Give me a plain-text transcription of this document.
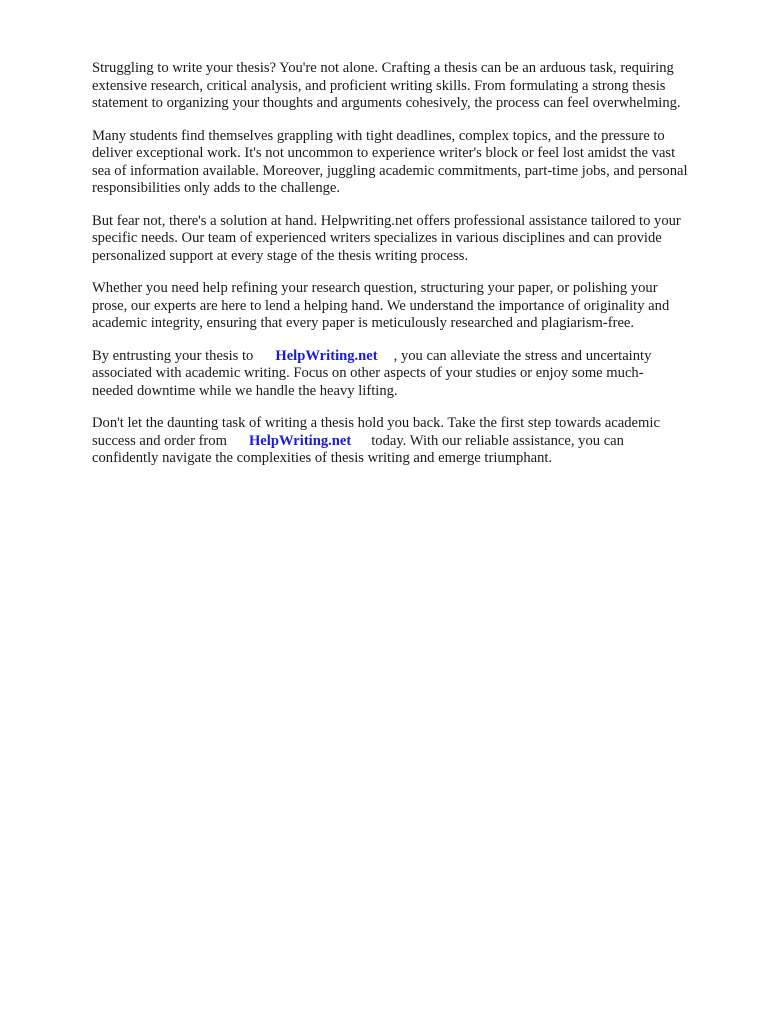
Struggling to write your thesis? You're not alone. Crafting a thesis can be an arduous task, requiring
extensive research, critical analysis, and proficient writing skills. From formulating a strong thesis
statement to organizing your thoughts and arguments cohesively, the process can feel overwhelming.

Many students find themselves grappling with tight deadlines, complex topics, and the pressure to
deliver exceptional work. It's not uncommon to experience writer's block or feel lost amidst the vast
sea of information available. Moreover, juggling academic commitments, part-time jobs, and personal
responsibilities only adds to the challenge.

But fear not, there's a solution at hand. Helpwriting.net offers professional assistance tailored to your
specific needs. Our team of experienced writers specializes in various disciplines and can provide
personalized support at every stage of the thesis writing process.

Whether you need help refining your research question, structuring your paper, or polishing your
prose, our experts are here to lend a helping hand. We understand the importance of originality and
academic integrity, ensuring that every paper is meticulously researched and plagiarism-free.

By entrusting your thesis to HelpWriting.net , you can alleviate the stress and uncertainty
associated with academic writing. Focus on other aspects of your studies or enjoy some much-
needed downtime while we handle the heavy lifting.

Don't let the daunting task of writing a thesis hold you back. Take the first step towards academic
success and order from HelpWriting.net today. With our reliable assistance, you can
confidently navigate the complexities of thesis writing and emerge triumphant.
